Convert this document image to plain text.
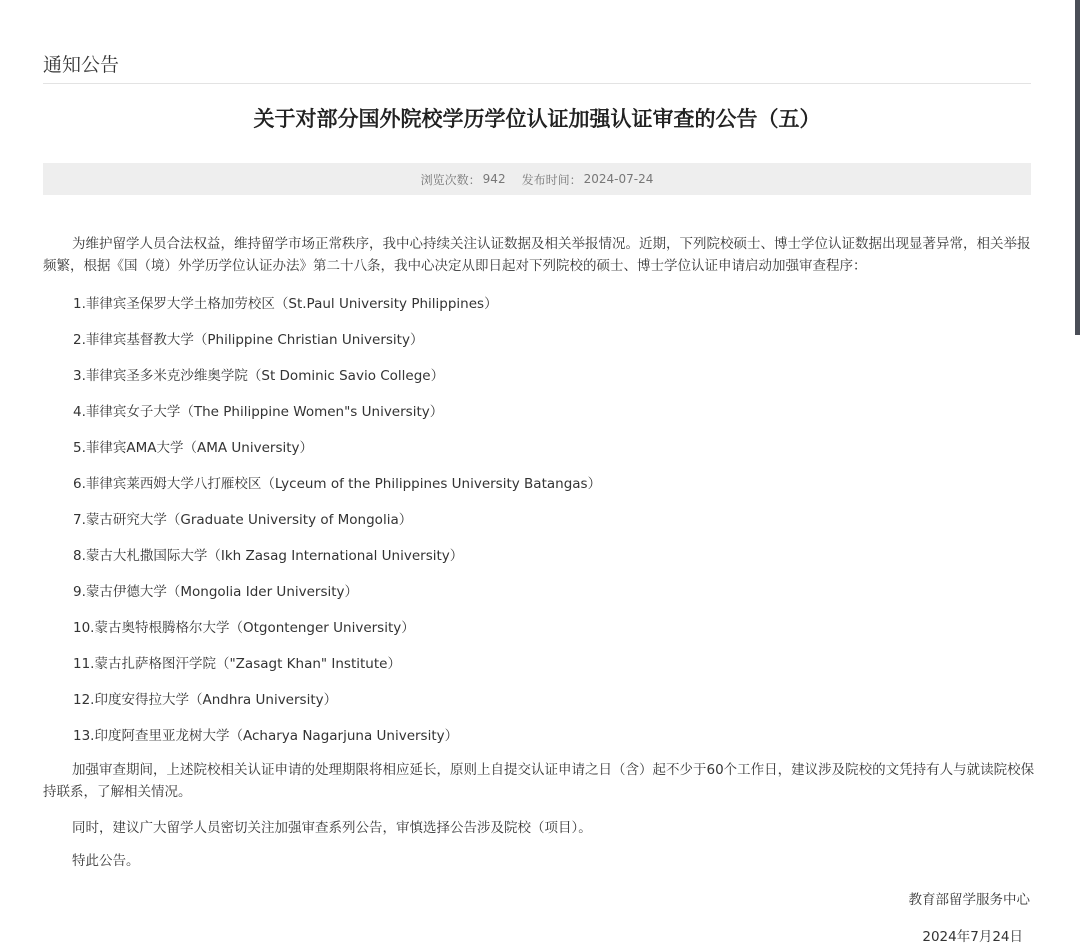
通知公告
关于对部分国外院校学历学位认证加强认证审查的公告（五）
浏览次数： 942 发布时间： 2024-07-24

为维护留学人员合法权益，维持留学市场正常秩序，我中心持续关注认证数据及相关举报情况。近期，下列院校硕士、博士学位认证数据出现显著异常，相关举报频繁，根据《国（境）外学历学位认证办法》第二十八条，我中心决定从即日起对下列院校的硕士、博士学位认证申请启动加强审查程序：

1.菲律宾圣保罗大学土格加劳校区（St.Paul University Philippines）
2.菲律宾基督教大学（Philippine Christian University）
3.菲律宾圣多米克沙维奥学院（St Dominic Savio College）
4.菲律宾女子大学（The Philippine Women"s University）
5.菲律宾AMA大学（AMA University）
6.菲律宾莱西姆大学八打雁校区（Lyceum of the Philippines University Batangas）
7.蒙古研究大学（Graduate University of Mongolia）
8.蒙古大札撒国际大学（Ikh Zasag International University）
9.蒙古伊德大学（Mongolia Ider University）
10.蒙古奥特根腾格尔大学（Otgontenger University）
11.蒙古扎萨格图汗学院（"Zasagt Khan" Institute）
12.印度安得拉大学（Andhra University）
13.印度阿查里亚龙树大学（Acharya Nagarjuna University）

加强审查期间，上述院校相关认证申请的处理期限将相应延长，原则上自提交认证申请之日（含）起不少于60个工作日，建议涉及院校的文凭持有人与就读院校保持联系，了解相关情况。

同时，建议广大留学人员密切关注加强审查系列公告，审慎选择公告涉及院校（项目）。

特此公告。

教育部留学服务中心
2024年7月24日
